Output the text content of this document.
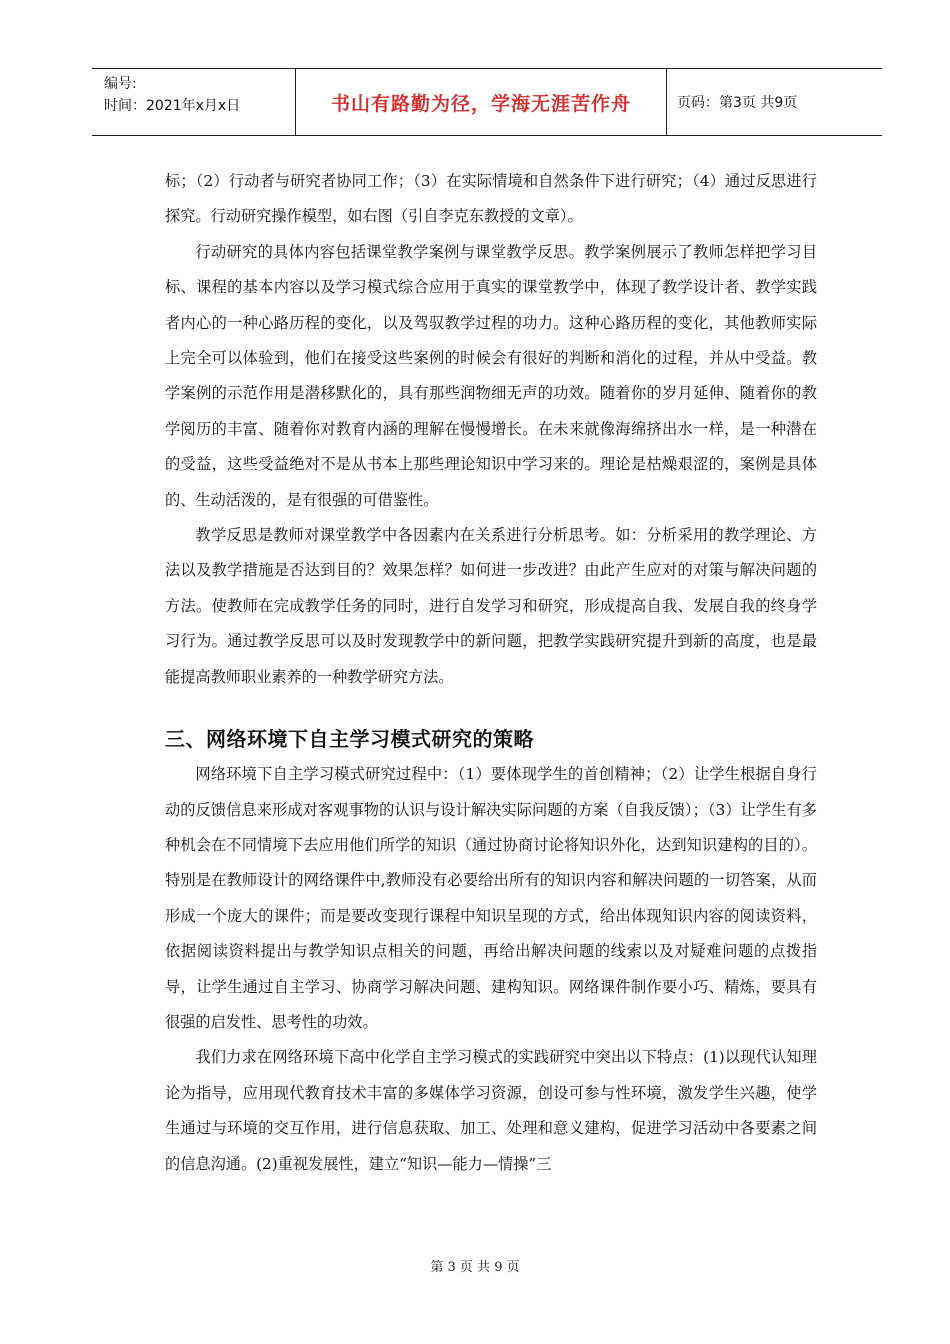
编号:
时间：2021年x月x日	书山有路勤为径，学海无涯苦作舟	页码：第3页 共9页

标；（2）行动者与研究者协同工作；（3）在实际情境和自然条件下进行研究；（4）通过反思进行探究。行动研究操作模型，如右图（引自李克东教授的文章）。

行动研究的具体内容包括课堂教学案例与课堂教学反思。教学案例展示了教师怎样把学习目标、课程的基本内容以及学习模式综合应用于真实的课堂教学中，体现了教学设计者、教学实践者内心的一种心路历程的变化，以及驾驭教学过程的功力。这种心路历程的变化，其他教师实际上完全可以体验到，他们在接受这些案例的时候会有很好的判断和消化的过程，并从中受益。教学案例的示范作用是潜移默化的，具有那些润物细无声的功效。随着你的岁月延伸、随着你的教学阅历的丰富、随着你对教育内涵的理解在慢慢增长。在未来就像海绵挤出水一样，是一种潜在的受益，这些受益绝对不是从书本上那些理论知识中学习来的。理论是枯燥艰涩的，案例是具体的、生动活泼的，是有很强的可借鉴性。

教学反思是教师对课堂教学中各因素内在关系进行分析思考。如：分析采用的教学理论、方法以及教学措施是否达到目的？效果怎样？如何进一步改进？由此产生应对的对策与解决问题的方法。使教师在完成教学任务的同时，进行自发学习和研究，形成提高自我、发展自我的终身学习行为。通过教学反思可以及时发现教学中的新问题，把教学实践研究提升到新的高度，也是最能提高教师职业素养的一种教学研究方法。

三、网络环境下自主学习模式研究的策略

网络环境下自主学习模式研究过程中：（1）要体现学生的首创精神；（2）让学生根据自身行动的反馈信息来形成对客观事物的认识与设计解决实际问题的方案（自我反馈）；（3）让学生有多种机会在不同情境下去应用他们所学的知识（通过协商讨论将知识外化，达到知识建构的目的）。特别是在教师设计的网络课件中,教师没有必要给出所有的知识内容和解决问题的一切答案，从而形成一个庞大的课件；而是要改变现行课程中知识呈现的方式，给出体现知识内容的阅读资料，依据阅读资料提出与教学知识点相关的问题，再给出解决问题的线索以及对疑难问题的点拨指导，让学生通过自主学习、协商学习解决问题、建构知识。网络课件制作要小巧、精炼，要具有很强的启发性、思考性的功效。

我们力求在网络环境下高中化学自主学习模式的实践研究中突出以下特点：(1)以现代认知理论为指导，应用现代教育技术丰富的多媒体学习资源，创设可参与性环境，激发学生兴趣，使学生通过与环境的交互作用，进行信息获取、加工、处理和意义建构，促进学习活动中各要素之间的信息沟通。(2)重视发展性，建立“知识—能力—情操”三

第 3 页 共 9 页
